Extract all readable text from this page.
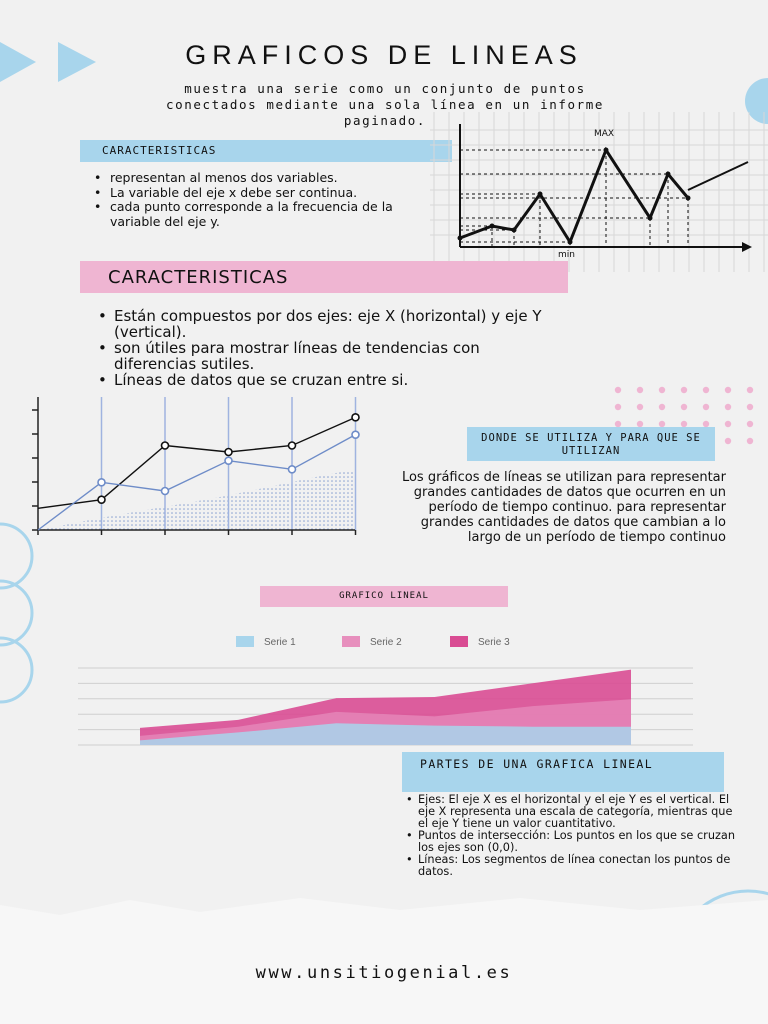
GRAFICOS DE LINEAS
muestra una serie como un conjunto de puntos conectados mediante una sola línea en un informe paginado.
CARACTERISTICAS
• representan al menos dos variables.
• La variable del eje x debe ser continua.
• cada punto corresponde a la frecuencia de la variable del eje y.
MAX
min
CARACTERISTICAS
• Están compuestos por dos ejes: eje X (horizontal) y eje Y (vertical).
• son útiles para mostrar líneas de tendencias con diferencias sutiles.
• Líneas de datos que se cruzan entre si.
DONDE SE UTILIZA Y PARA QUE SE UTILIZAN
Los gráficos de líneas se utilizan para representar grandes cantidades de datos que ocurren en un período de tiempo continuo. para representar grandes cantidades de datos que cambian a lo largo de un período de tiempo continuo
GRAFICO LINEAL
Serie 1	Serie 2	Serie 3
PARTES DE UNA GRAFICA LINEAL
• Ejes: El eje X es el horizontal y el eje Y es el vertical. El eje X representa una escala de categoría, mientras que el eje Y tiene un valor cuantitativo.
• Puntos de intersección: Los puntos en los que se cruzan los ejes son (0,0).
• Líneas: Los segmentos de línea conectan los puntos de datos.
www.unsitiogenial.es
